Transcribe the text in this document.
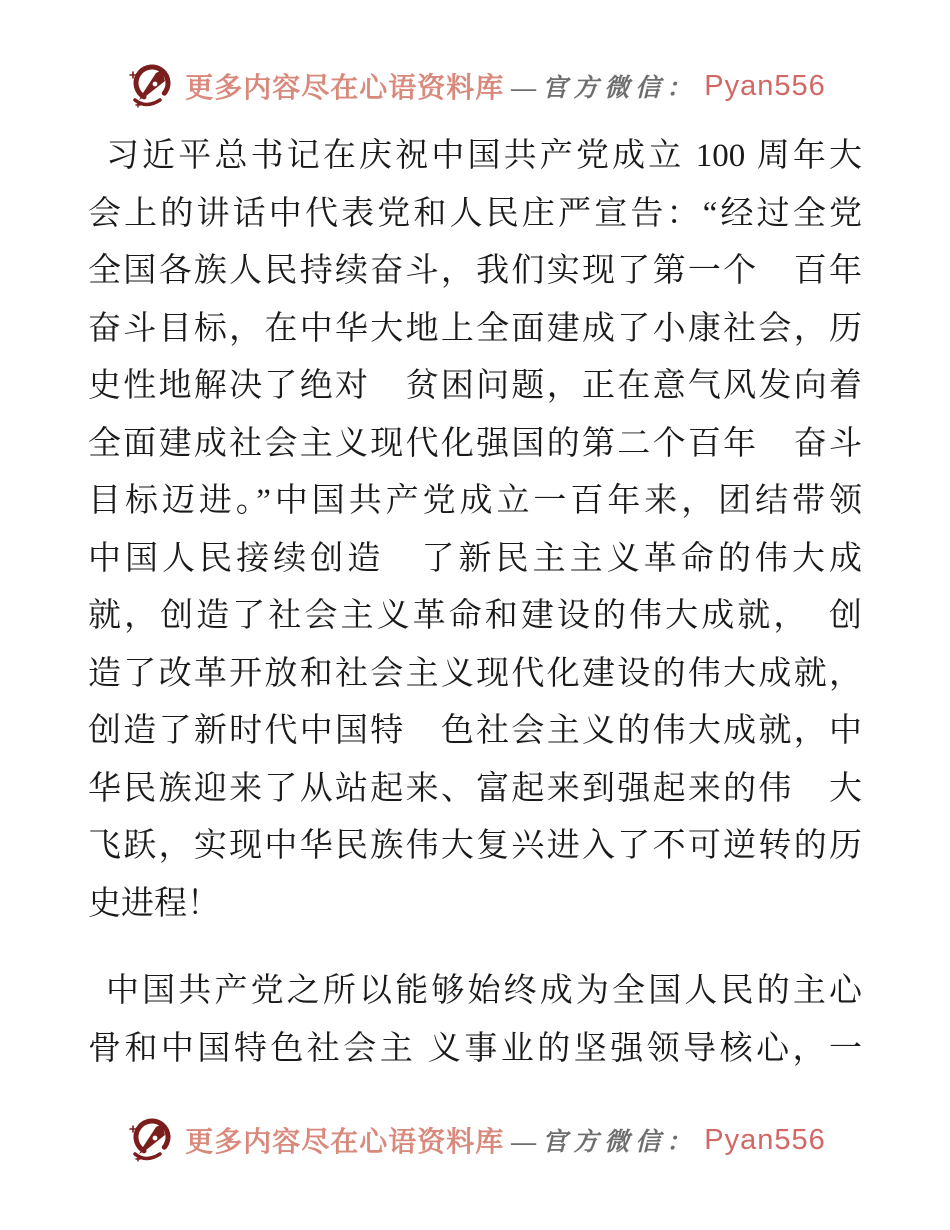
更多内容尽在心语资料库 —官方微信： Pyan556
习近平总书记在庆祝中国共产党成立 100 周年大
会上的讲话中代表党和人民庄严宣告：“经过全党
全国各族人民持续奋斗，我们实现了第一个　百年
奋斗目标，在中华大地上全面建成了小康社会，历
史性地解决了绝对　贫困问题，正在意气风发向着
全面建成社会主义现代化强国的第二个百年　奋斗
目标迈进。”中国共产党成立一百年来，团结带领
中国人民接续创造　了新民主主义革命的伟大成
就，创造了社会主义革命和建设的伟大成就，　创
造了改革开放和社会主义现代化建设的伟大成就，
创造了新时代中国特　色社会主义的伟大成就，中
华民族迎来了从站起来、富起来到强起来的伟　大
飞跃，实现中华民族伟大复兴进入了不可逆转的历
史进程！
中国共产党之所以能够始终成为全国人民的主心
骨和中国特色社会主 义事业的坚强领导核心，一
更多内容尽在心语资料库 —官方微信： Pyan556
